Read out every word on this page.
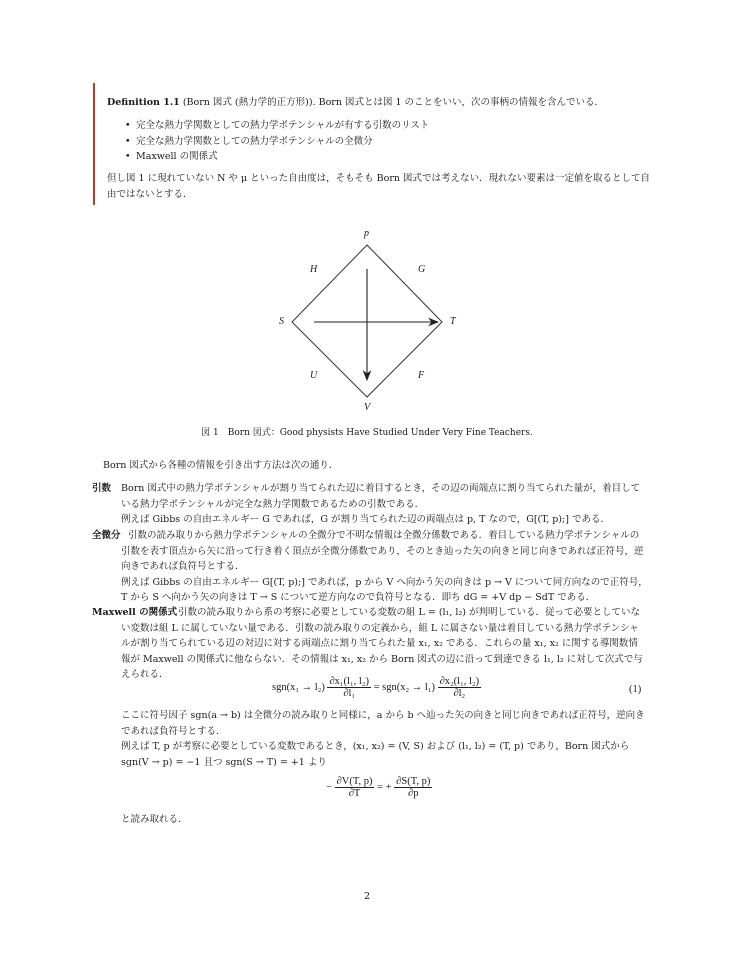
Definition 1.1 (Born 図式 (熱力学的正方形)). Born 図式とは図 1 のことをいい，次の事柄の情報を含んでいる．
• 完全な熱力学関数としての熱力学ポテンシャルが有する引数のリスト
• 完全な熱力学関数としての熱力学ポテンシャルの全微分
• Maxwell の関係式
但し図 1 に現れていない N や μ といった自由度は，そもそも Born 図式では考えない．現れない要素は一定値を取るとして自
由ではないとする．
p
T
V
S
H	G
U	F
図 1　Born 図式：Good physists Have Studied Under Very Fine Teachers.
Born 図式から各種の情報を引き出す方法は次の通り．
引数 Born 図式中の熱力学ポテンシャルが割り当てられた辺に着目するとき，その辺の両端点に割り当てられた量が，着目して
いる熱力学ポテンシャルが完全な熱力学関数であるための引数である．
例えば Gibbs の自由エネルギー G であれば，G が割り当てられた辺の両端点は p, T なので，G[(T, p);] である．
全微分 引数の読み取りから熱力学ポテンシャルの全微分で不明な情報は全微分係数である．着目している熱力学ポテンシャルの
引数を表す頂点から矢に沿って行き着く頂点が全微分係数であり，そのとき辿った矢の向きと同じ向きであれば正符号，逆
向きであれば負符号とする．
例えば Gibbs の自由エネルギー G[(T, p);] であれば，p から V へ向かう矢の向きは p → V について同方向なので正符号，
T から S へ向かう矢の向きは T → S について逆方向なので負符号となる．即ち dG = +V dp − SdT である．
Maxwell の関係式 引数の読み取りから系の考察に必要としている変数の組 L = (l₁, l₂) が判明している．従って必要としていな
い変数は組 L に属していない量である．引数の読み取りの定義から，組 L に属さない量は着目している熱力学ポテンシャ
ルが割り当てられている辺の対辺に対する両端点に割り当てられた量 x₁, x₂ である．これらの量 x₁, x₂ に関する導関数情
報が Maxwell の関係式に他ならない．その情報は x₁, x₂ から Born 図式の辺に沿って到達できる l₁, l₂ に対して次式で与
えられる．
$sgn(x_1 \to l_2) \frac{\text{∂x₁(l₁, l₂)}}{\text{∂l₁}} = sgn(x_2 \to l_1) \frac{\text{∂x₂(l₁, l₂)}}{\text{∂l₂}}$	(1)
ここに符号因子 sgn(a → b) は全微分の読み取りと同様に，a から b へ辿った矢の向きと同じ向きであれば正符号，逆向き
であれば負符号とする．
例えば T, p が考察に必要としている変数であるとき，(x₁, x₂) = (V, S) および (l₁, l₂) = (T, p) であり，Born 図式から
sgn(V → p) = −1 且つ sgn(S → T) = +1 より
− $\frac{\partial V(T, p)}{\partial T}$ = + $\frac{\partial S(T, p)}{\partial p}$
と読み取れる．
2
